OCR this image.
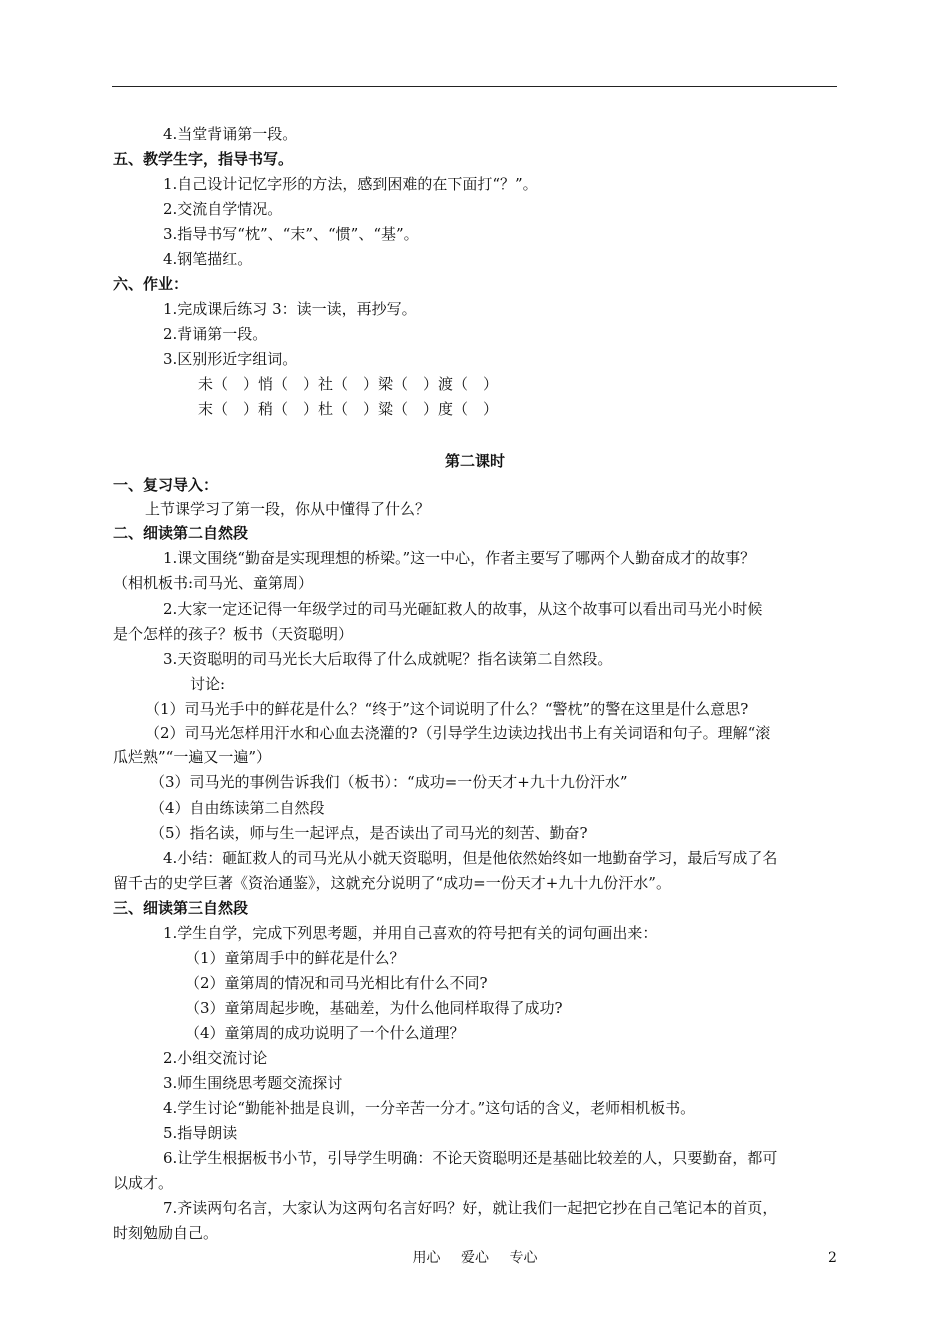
4.当堂背诵第一段。
五、教学生字，指导书写。
1.自己设计记忆字形的方法，感到困难的在下面打“？”。
2.交流自学情况。
3.指导书写“枕”、“末”、“惯”、“基”。
4.钢笔描红。
六、作业：
1.完成课后练习 3：读一读，再抄写。
2.背诵第一段。
3.区别形近字组词。
未（　）悄（　）社（　）梁（　）渡（　）
末（　）稍（　）杜（　）粱（　）度（　）
第二课时
一、复习导入：
上节课学习了第一段，你从中懂得了什么？
二、细读第二自然段
1.课文围绕“勤奋是实现理想的桥梁。”这一中心，作者主要写了哪两个人勤奋成才的故事？
（相机板书:司马光、童第周）
2.大家一定还记得一年级学过的司马光砸缸救人的故事，从这个故事可以看出司马光小时候
是个怎样的孩子？板书（天资聪明）
3.天资聪明的司马光长大后取得了什么成就呢？指名读第二自然段。
讨论:
（1）司马光手中的鲜花是什么？“终于”这个词说明了什么？“警枕”的警在这里是什么意思?
（2）司马光怎样用汗水和心血去浇灌的?（引导学生边读边找出书上有关词语和句子。理解“滚
瓜烂熟”“一遍又一遍”）
（3）司马光的事例告诉我们（板书）：“成功=一份天才+九十九份汗水”
（4）自由练读第二自然段
（5）指名读，师与生一起评点，是否读出了司马光的刻苦、勤奋?
4.小结：砸缸救人的司马光从小就天资聪明，但是他依然始终如一地勤奋学习，最后写成了名
留千古的史学巨著《资治通鉴》，这就充分说明了“成功=一份天才+九十九份汗水”。
三、细读第三自然段
1.学生自学，完成下列思考题，并用自己喜欢的符号把有关的词句画出来：
（1）童第周手中的鲜花是什么？
（2）童第周的情况和司马光相比有什么不同?
（3）童第周起步晚，基础差，为什么他同样取得了成功?
（4）童第周的成功说明了一个什么道理？
2.小组交流讨论
3.师生围绕思考题交流探讨
4.学生讨论“勤能补拙是良训，一分辛苦一分才。”这句话的含义，老师相机板书。
5.指导朗读
6.让学生根据板书小节，引导学生明确：不论天资聪明还是基础比较差的人，只要勤奋，都可
以成才。
7.齐读两句名言，大家认为这两句名言好吗？好，就让我们一起把它抄在自己笔记本的首页，
时刻勉励自己。
用心 爱心 专心	2
